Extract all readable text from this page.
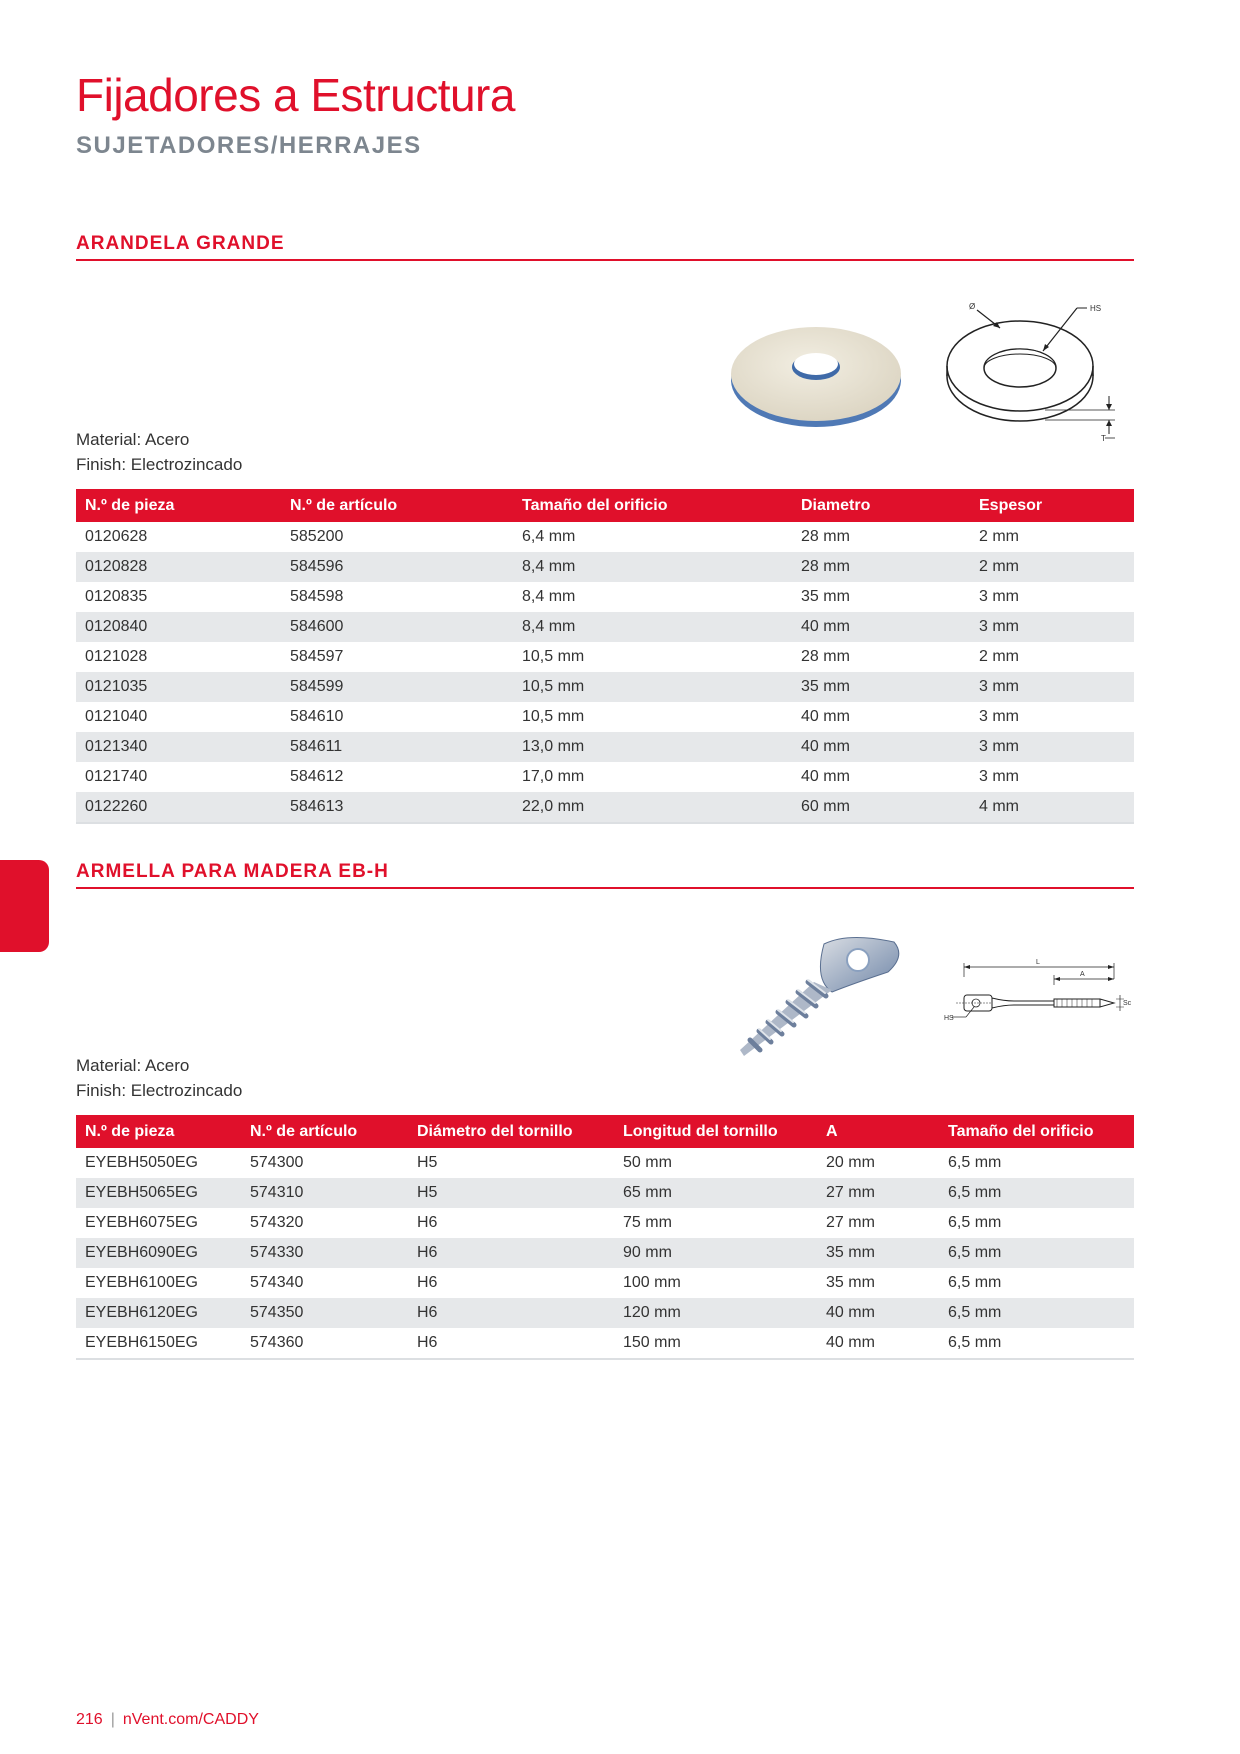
Fijadores a Estructura
SUJETADORES/HERRAJES
ARANDELA GRANDE
Ø	HS
T
Material: Acero
Finish: Electrozincado
N.º de pieza	N.º de artículo	Tamaño del orificio	Diametro	Espesor
0120628	585200	6,4 mm	28 mm	2 mm
0120828	584596	8,4 mm	28 mm	2 mm
0120835	584598	8,4 mm	35 mm	3 mm
0120840	584600	8,4 mm	40 mm	3 mm
0121028	584597	10,5 mm	28 mm	2 mm
0121035	584599	10,5 mm	35 mm	3 mm
0121040	584610	10,5 mm	40 mm	3 mm
0121340	584611	13,0 mm	40 mm	3 mm
0121740	584612	17,0 mm	40 mm	3 mm
0122260	584613	22,0 mm	60 mm	4 mm
ARMELLA PARA MADERA EB-H
L
A
Sc
HS
Material: Acero
Finish: Electrozincado
N.º de pieza	N.º de artículo	Diámetro del tornillo	Longitud del tornillo	A	Tamaño del orificio
EYEBH5050EG	574300	H5	50 mm	20 mm	6,5 mm
EYEBH5065EG	574310	H5	65 mm	27 mm	6,5 mm
EYEBH6075EG	574320	H6	75 mm	27 mm	6,5 mm
EYEBH6090EG	574330	H6	90 mm	35 mm	6,5 mm
EYEBH6100EG	574340	H6	100 mm	35 mm	6,5 mm
EYEBH6120EG	574350	H6	120 mm	40 mm	6,5 mm
EYEBH6150EG	574360	H6	150 mm	40 mm	6,5 mm
216 | nVent.com/CADDY
